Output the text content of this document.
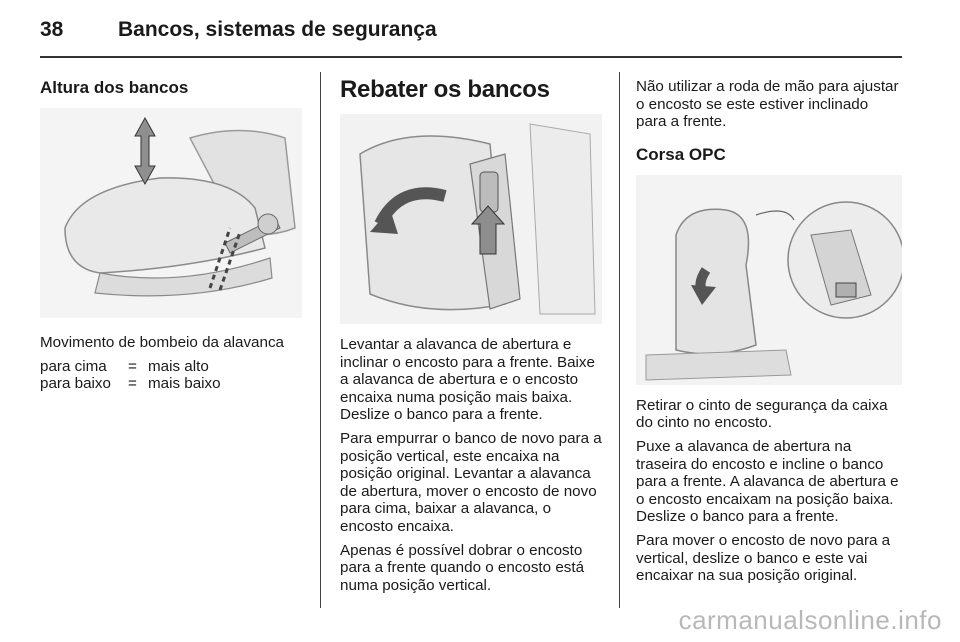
38	Bancos, sistemas de segurança
Altura dos bancos

Movimento de bombeio da alavanca

para cima	=	mais alto
para baixo	=	mais baixo
Rebater os bancos

Levantar a alavanca de abertura e inclinar o encosto para a frente. Baixe a alavanca de abertura e o encosto encaixa numa posição mais baixa. Deslize o banco para a frente.

Para empurrar o banco de novo para a posição vertical, este encaixa na posição original. Levantar a alavanca de abertura, mover o encosto de novo para cima, baixar a alavanca, o encosto encaixa.

Apenas é possível dobrar o encosto para a frente quando o encosto está numa posição vertical.

Não utilizar a roda de mão para ajustar o encosto se este estiver inclinado para a frente.

Corsa OPC

Retirar o cinto de segurança da caixa do cinto no encosto.

Puxe a alavanca de abertura na traseira do encosto e incline o banco para a frente. A alavanca de abertura e o encosto encaixam na posição baixa. Deslize o banco para a frente.

Para mover o encosto de novo para a vertical, deslize o banco e este vai encaixar na sua posição original.

carmanualsonline.info
